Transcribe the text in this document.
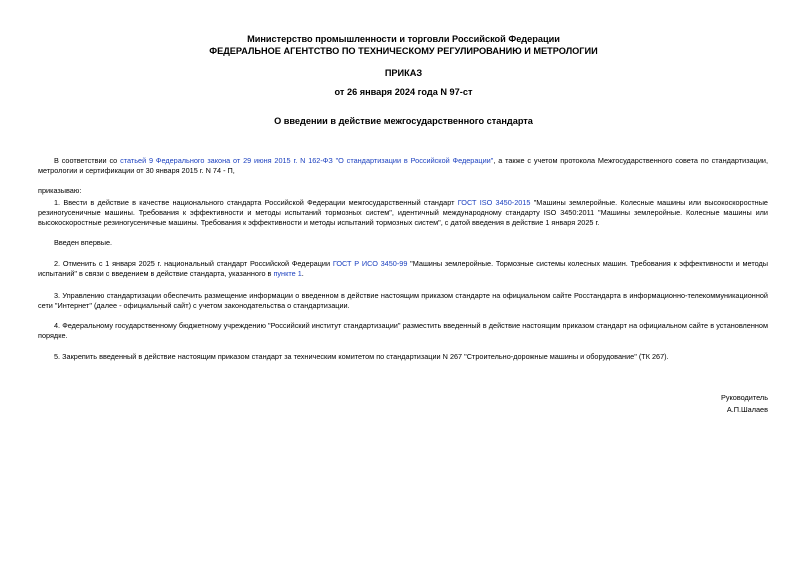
Министерство промышленности и торговли Российской Федерации
ФЕДЕРАЛЬНОЕ АГЕНТСТВО ПО ТЕХНИЧЕСКОМУ РЕГУЛИРОВАНИЮ И МЕТРОЛОГИИ
ПРИКАЗ
от 26 января 2024 года N 97-ст
О введении в действие межгосударственного стандарта
В соответствии со статьей 9 Федерального закона от 29 июня 2015 г. N 162-ФЗ "О стандартизации в Российской Федерации", а также с учетом протокола Межгосударственного совета по стандартизации, метрологии и сертификации от 30 января 2015 г. N 74 - П,
приказываю:
1. Ввести в действие в качестве национального стандарта Российской Федерации межгосударственный стандарт ГОСТ ISO 3450-2015 "Машины землеройные. Колесные машины или высокоскоростные резиногусеничные машины. Требования к эффективности и методы испытаний тормозных систем", идентичный международному стандарту ISO 3450:2011 "Машины землеройные. Колесные машины или высокоскоростные резиногусеничные машины. Требования к эффективности и методы испытаний тормозных систем", с датой введения в действие 1 января 2025 г.
Введен впервые.
2. Отменить с 1 января 2025 г. национальный стандарт Российской Федерации ГОСТ Р ИСО 3450-99 "Машины землеройные. Тормозные системы колесных машин. Требования к эффективности и методы испытаний" в связи с введением в действие стандарта, указанного в пункте 1.
3. Управлению стандартизации обеспечить размещение информации о введенном в действие настоящим приказом стандарте на официальном сайте Росстандарта в информационно-телекоммуникационной сети "Интернет" (далее - официальный сайт) с учетом законодательства о стандартизации.
4. Федеральному государственному бюджетному учреждению "Российский институт стандартизации" разместить введенный в действие настоящим приказом стандарт на официальном сайте в установленном порядке.
5. Закрепить введенный в действие настоящим приказом стандарт за техническим комитетом по стандартизации N 267 "Строительно-дорожные машины и оборудование" (ТК 267).
Руководитель
А.П.Шалаев
